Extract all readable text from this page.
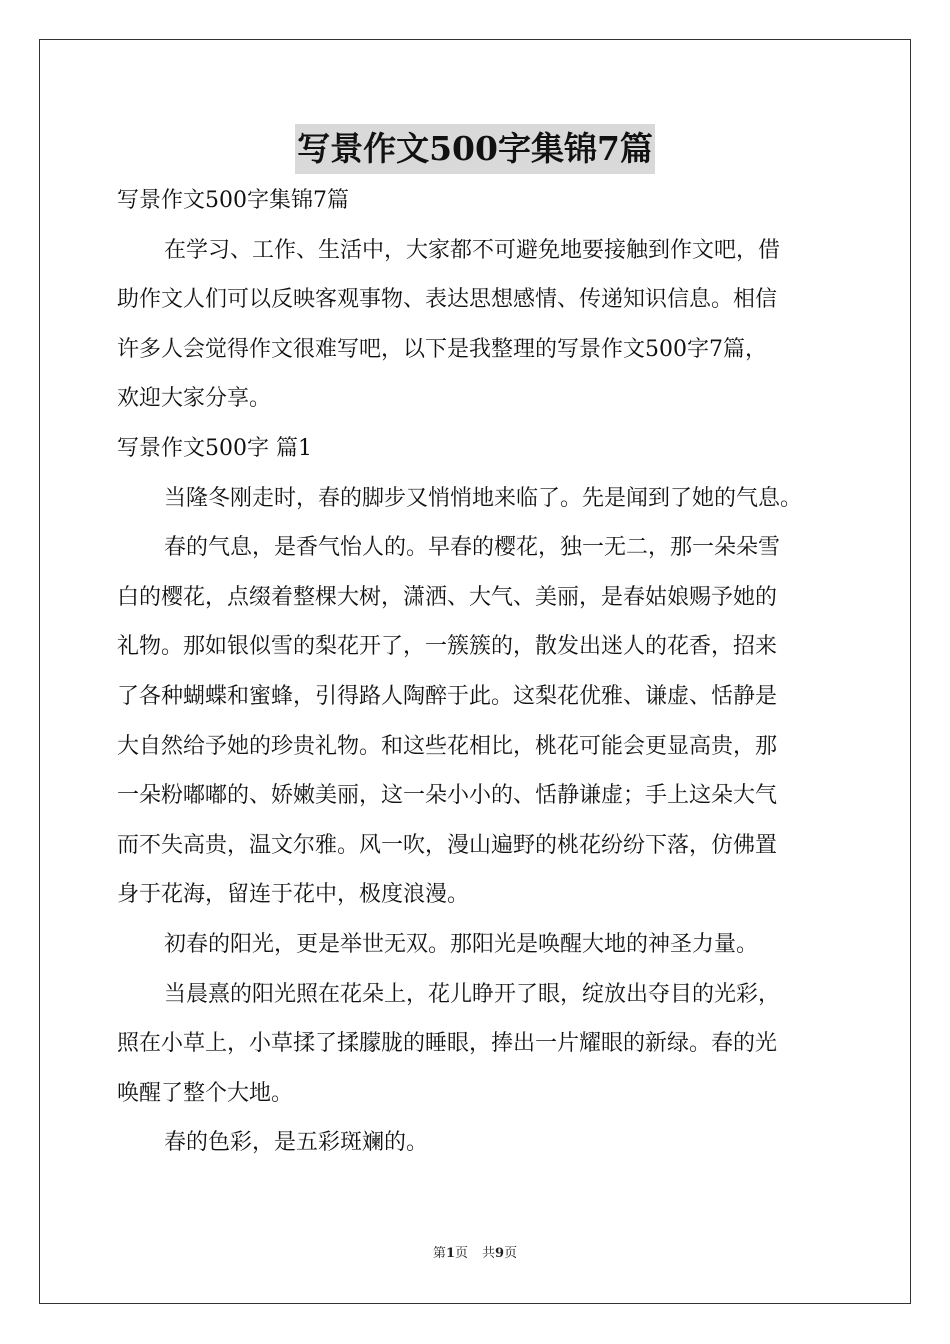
写景作文500字集锦7篇

写景作文500字集锦7篇

在学习、工作、生活中，大家都不可避免地要接触到作文吧，借

助作文人们可以反映客观事物、表达思想感情、传递知识信息。相信

许多人会觉得作文很难写吧，以下是我整理的写景作文500字7篇，

欢迎大家分享。

写景作文500字 篇1

当隆冬刚走时，春的脚步又悄悄地来临了。先是闻到了她的气息。

春的气息，是香气怡人的。早春的樱花，独一无二，那一朵朵雪

白的樱花，点缀着整棵大树，潇洒、大气、美丽，是春姑娘赐予她的

礼物。那如银似雪的梨花开了，一簇簇的，散发出迷人的花香，招来

了各种蝴蝶和蜜蜂，引得路人陶醉于此。这梨花优雅、谦虚、恬静是

大自然给予她的珍贵礼物。和这些花相比，桃花可能会更显高贵，那

一朵粉嘟嘟的、娇嫩美丽，这一朵小小的、恬静谦虚；手上这朵大气

而不失高贵，温文尔雅。风一吹，漫山遍野的桃花纷纷下落，仿佛置

身于花海，留连于花中，极度浪漫。

初春的阳光，更是举世无双。那阳光是唤醒大地的神圣力量。

当晨熹的阳光照在花朵上，花儿睁开了眼，绽放出夺目的光彩，

照在小草上，小草揉了揉朦胧的睡眼，捧出一片耀眼的新绿。春的光

唤醒了整个大地。

春的色彩，是五彩斑斓的。

第1页 共9页
